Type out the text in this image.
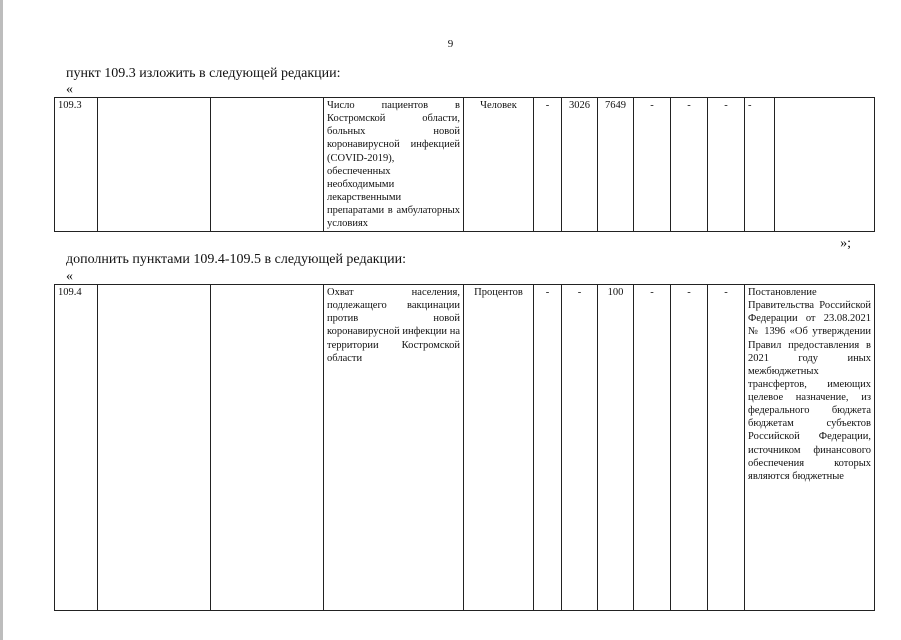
9
пункт 109.3 изложить в следующей редакции:
«
109.3			Число пациентов в Костромской области, больных новой коронавирусной инфекцией (COVID-2019), обеспеченных необходимыми лекарственными препаратами в амбулаторных условиях	Человек	-	3026	7649	-	-	-	-	
»;
дополнить пунктами 109.4-109.5 в следующей редакции:
«
109.4			Охват населения, подлежащего вакцинации против новой коронавирусной инфекции на территории Костромской области	Процентов	-	-	100	-	-	-	Постановление Правительства Российской Федерации от 23.08.2021 № 1396 «Об утверждении Правил предоставления в 2021 году иных межбюджетных трансфертов, имеющих целевое назначение, из федерального бюджета бюджетам субъектов Российской Федерации, источником финансового обеспечения которых являются бюджетные
